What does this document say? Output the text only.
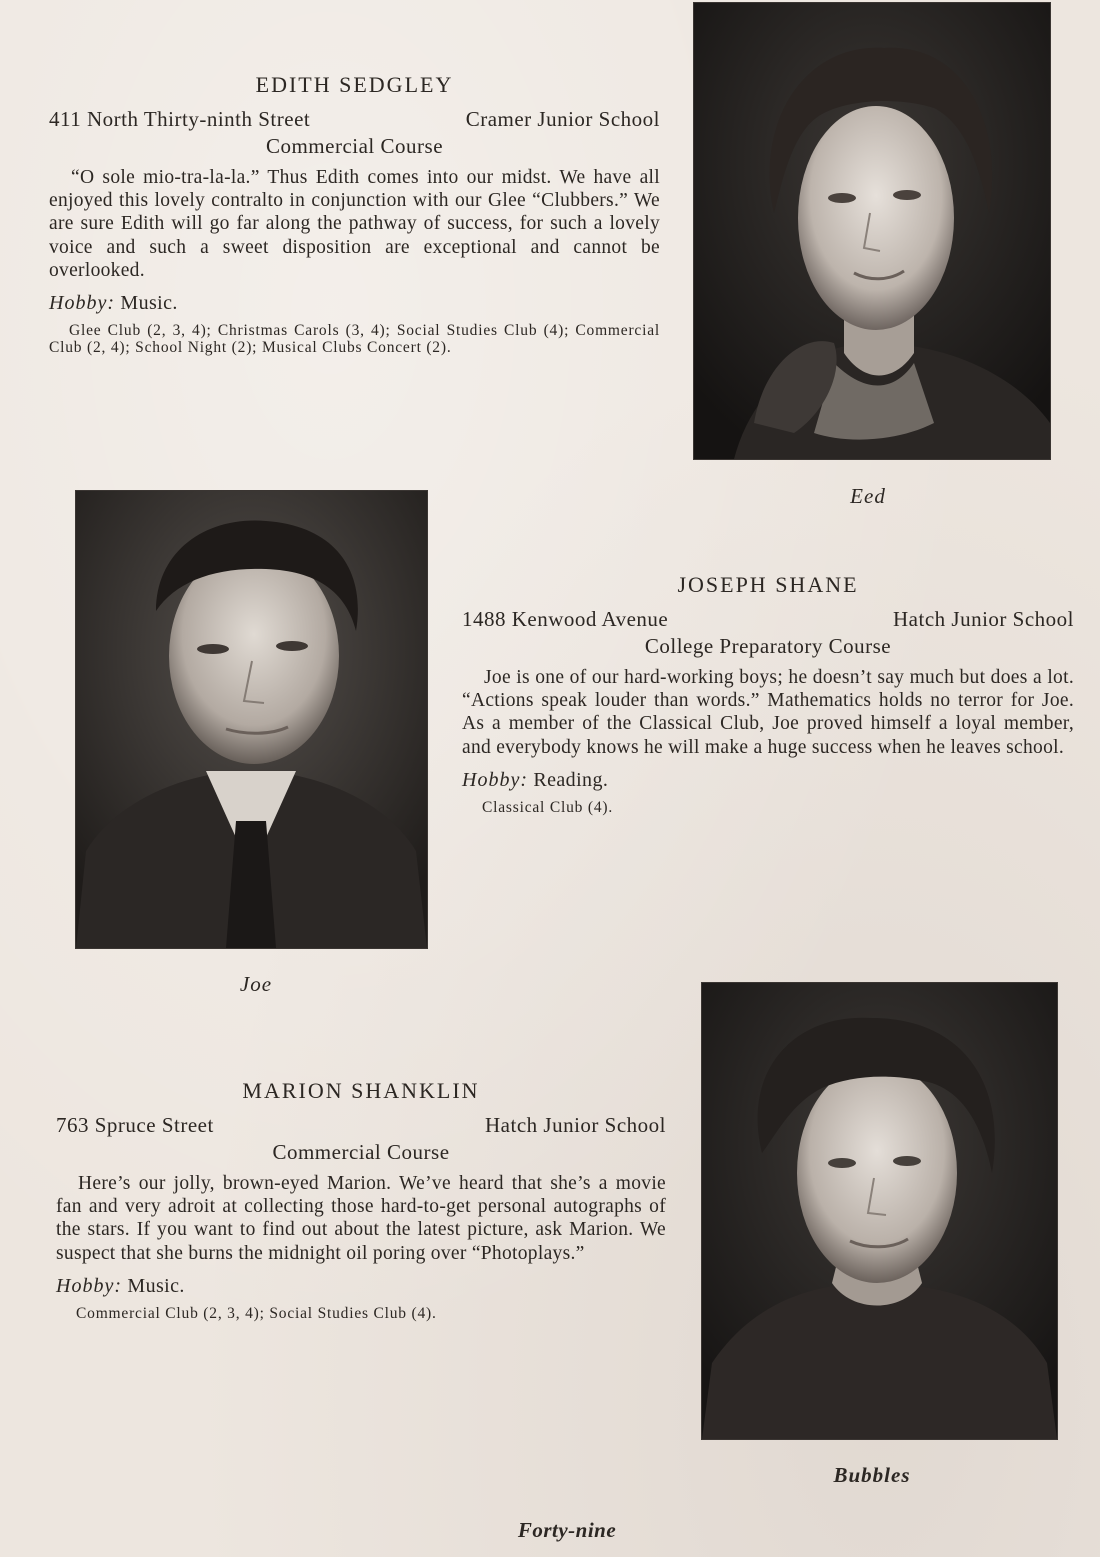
EDITH SEDGLEY
411 North Thirty-ninth Street	Cramer Junior School
Commercial Course

“O sole mio-tra-la-la.” Thus Edith comes into our midst. We have all enjoyed this lovely contralto in conjunction with our Glee “Clubbers.” We are sure Edith will go far along the pathway of success, for such a lovely voice and such a sweet disposition are exceptional and cannot be overlooked.

Hobby: Music.
Glee Club (2, 3, 4); Christmas Carols (3, 4); Social Studies Club (4); Commercial Club (2, 4); School Night (2); Musical Clubs Concert (2).
Eed
Joe
JOSEPH SHANE
1488 Kenwood Avenue	Hatch Junior School
College Preparatory Course

Joe is one of our hard-working boys; he doesn’t say much but does a lot. “Actions speak louder than words.” Mathematics holds no terror for Joe. As a member of the Classical Club, Joe proved himself a loyal member, and everybody knows he will make a huge success when he leaves school.

Hobby: Reading.
Classical Club (4).
MARION SHANKLIN
763 Spruce Street	Hatch Junior School
Commercial Course

Here’s our jolly, brown-eyed Marion. We’ve heard that she’s a movie fan and very adroit at collecting those hard-to-get personal autographs of the stars. If you want to find out about the latest picture, ask Marion. We suspect that she burns the midnight oil poring over “Photoplays.”

Hobby: Music.
Commercial Club (2, 3, 4); Social Studies Club (4).
Bubbles
Forty-nine
